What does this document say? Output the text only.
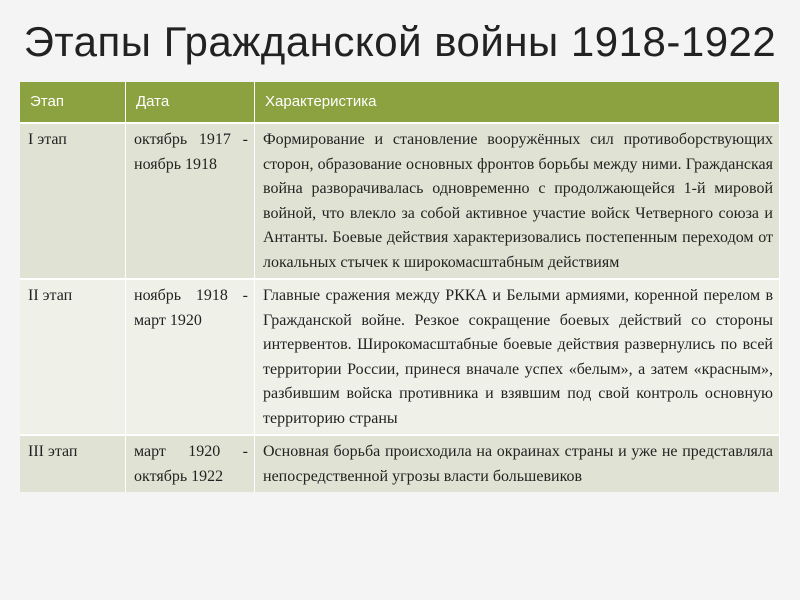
Этапы Гражданской войны 1918-1922
Этап	Дата	Характеристика
I этап	октябрь 1917 - ноябрь 1918	Формирование и становление вооружённых сил противоборствующих сторон, образование основных фронтов борьбы между ними. Гражданская война разворачивалась одновременно с продолжающейся 1-й мировой войной, что влекло за собой активное участие войск Четверного союза и Антанты. Боевые действия характеризовались постепенным переходом от локальных стычек к широкомасштабным действиям
II этап	ноябрь 1918 - март 1920	Главные сражения между РККА и Белыми армиями, коренной перелом в Гражданской войне. Резкое сокращение боевых действий со стороны интервентов. Широкомасштабные боевые действия развернулись по всей территории России, принеся вначале успех «белым», а затем «красным», разбившим войска противника и взявшим под свой контроль основную территорию страны
III этап	март 1920 - октябрь 1922	Основная борьба происходила на окраинах страны и уже не представляла непосредственной угрозы власти большевиков
